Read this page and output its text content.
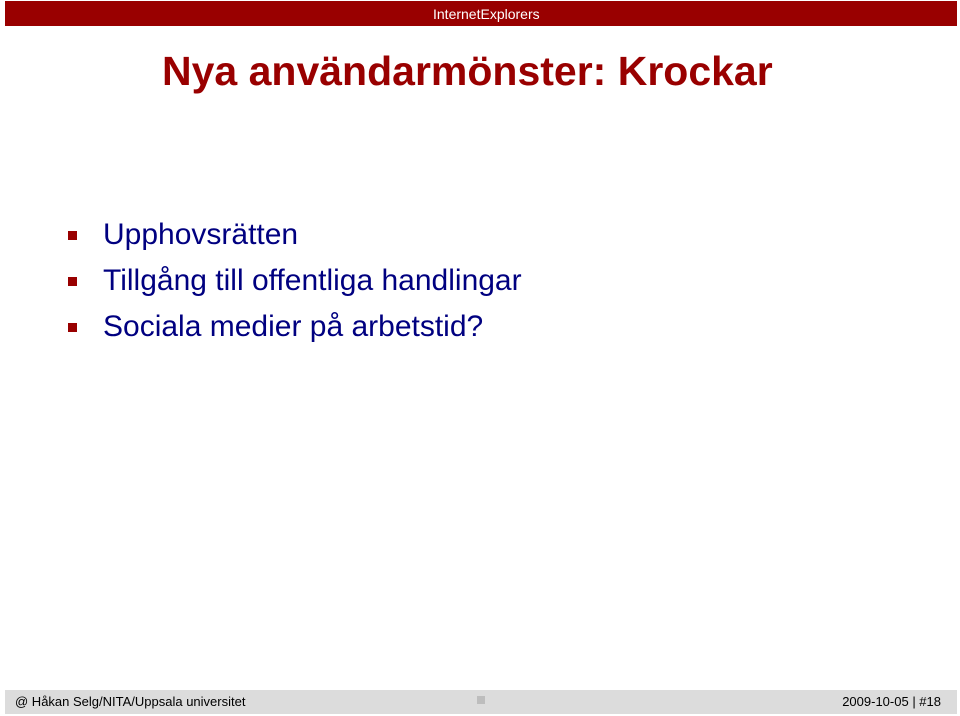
InternetExplorers
Nya användarmönster: Krockar
Upphovsrätten
Tillgång till offentliga handlingar
Sociala medier på arbetstid?
@ Håkan Selg/NITA/Uppsala universitet	2009-10-05 | #18
